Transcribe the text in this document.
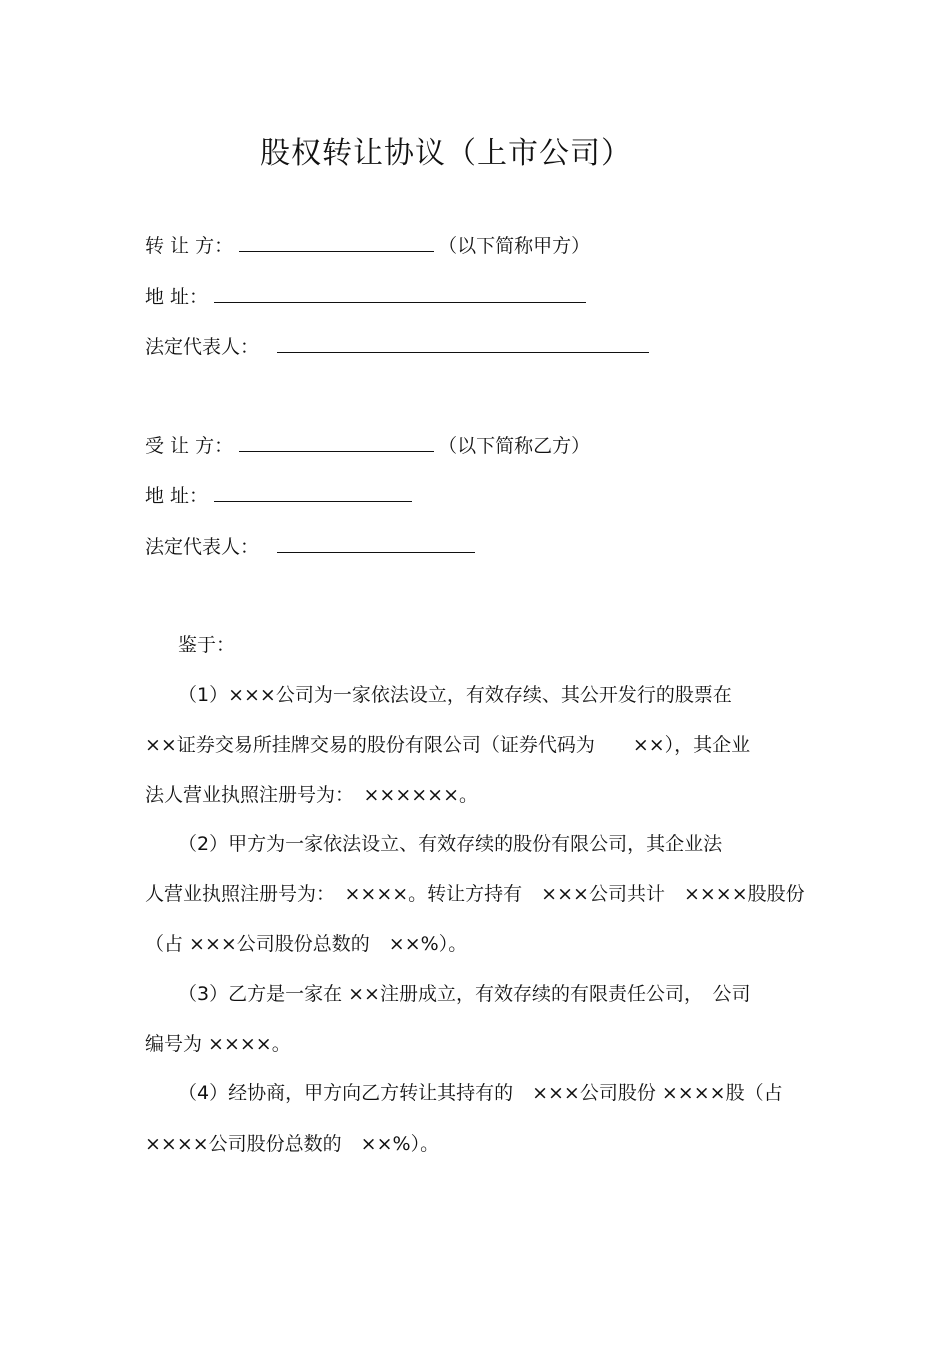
股权转让协议（上市公司）
转 让 方：	（以下简称甲方）
地 址：
法定代表人：
受 让 方：	（以下简称乙方）
地 址：
法定代表人：
鉴于：
（1）×××公司为一家依法设立，有效存续、其公开发行的股票在
××证券交易所挂牌交易的股份有限公司（证券代码为　　××），其企业
法人营业执照注册号为：　××××××。
（2）甲方为一家依法设立、有效存续的股份有限公司，其企业法
人营业执照注册号为：　××××。转让方持有　×××公司共计　××××股股份
（占 ×××公司股份总数的　××%）。
（3）乙方是一家在 ××注册成立，有效存续的有限责任公司，　公司
编号为 ××××。
（4）经协商，甲方向乙方转让其持有的　×××公司股份 ××××股（占
××××公司股份总数的　××%）。
